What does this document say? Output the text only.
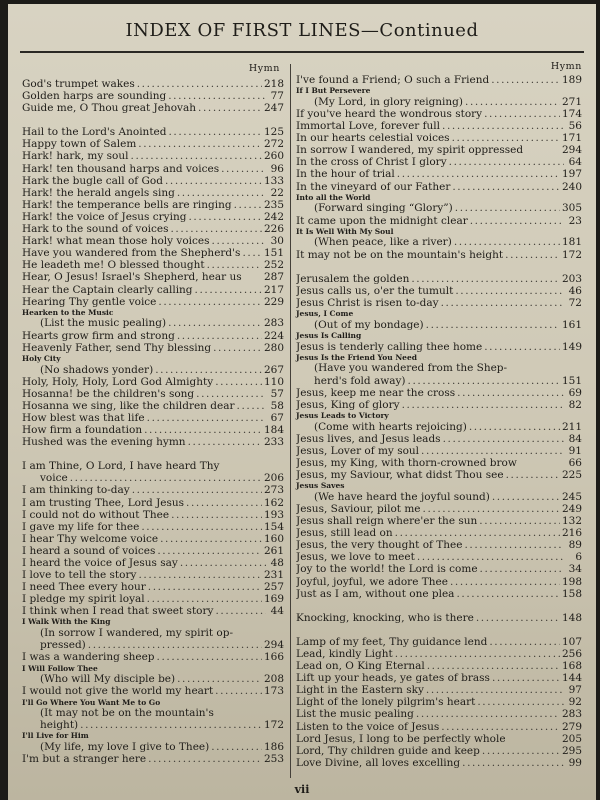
INDEX OF FIRST LINES—Continued
Hymn
God's trumpet wakes .....	218
Golden harps are sounding .....	77
Guide me, O Thou great Jehovah .....	247
Hail to the Lord's Anointed .....	125
Happy town of Salem .....	272
Hark! hark, my soul .....	260
Hark! ten thousand harps and voices .....	96
Hark the bugle call of God .....	133
Hark! the herald angels sing .....	22
Hark! the temperance bells are ringing .....	235
Hark! the voice of Jesus crying .....	242
Hark to the sound of voices .....	226
Hark! what mean those holy voices .....	30
Have you wandered from the Shepherd's ..... 151
He leadeth me! O blessed thought .....	252
Hear, O Jesus! Israel's Shepherd, hear us 287
Hear the Captain clearly calling .....	217
Hearing Thy gentle voice .....	229
Hearken to the Music
(List the music pealing) .....	283
Hearts grow firm and strong .....	224
Heavenly Father, send Thy blessing .....	280
Holy City
(No shadows yonder) .....	267
Holy, Holy, Holy, Lord God Almighty .....	110
Hosanna! be the children's song .....	57
Hosanna we sing, like the children dear .....	58
How blest was that life .....	67
How firm a foundation .....	184
Hushed was the evening hymn .....	233
I am Thine, O Lord, I have heard Thy
voice .....	206
I am thinking to-day .....	273
I am trusting Thee, Lord Jesus .....	162
I could not do without Thee .....	193
I gave my life for thee .....	154
I hear Thy welcome voice .....	160
I heard a sound of voices .....	261
I heard the voice of Jesus say .....	48
I love to tell the story .....	231
I need Thee every hour .....	257
I pledge my spirit loyal .....	169
I think when I read that sweet story .....	44
I Walk With the King
(In sorrow I wandered, my spirit op-
pressed) .....	294
I was a wandering sheep .....	166
I Will Follow Thee
(Who will My disciple be) .....	208
I would not give the world my heart .....	173
I'll Go Where You Want Me to Go
(It may not be on the mountain's
height) .....	172
I'll Live for Him
(My life, my love I give to Thee) .....	186
I'm but a stranger here .....	253
Hymn
I've found a Friend; O such a Friend .....	189
If I But Persevere
(My Lord, in glory reigning) .....	271
If you've heard the wondrous story .....	174
Immortal Love, forever full .....	56
In our hearts celestial voices .....	171
In sorrow I wandered, my spirit oppressed	294
In the cross of Christ I glory .....	64
In the hour of trial .....	197
In the vineyard of our Father .....	240
Into all the World
(Forward singing “Glory”) .....	305
It came upon the midnight clear .....	23
It Is Well With My Soul
(When peace, like a river) .....	181
It may not be on the mountain's height .....	172
Jerusalem the golden .....	203
Jesus calls us, o'er the tumult .....	46
Jesus Christ is risen to-day .....	72
Jesus, I Come
(Out of my bondage) .....	161
Jesus Is Calling
Jesus is tenderly calling thee home .....	149
Jesus Is the Friend You Need
(Have you wandered from the Shep-
herd's fold away) .....	151
Jesus, keep me near the cross .....	69
Jesus, King of glory .....	82
Jesus Leads to Victory
(Come with hearts rejoicing) .....	211
Jesus lives, and Jesus leads .....	84
Jesus, Lover of my soul .....	91
Jesus, my King, with thorn-crowned brow	66
Jesus, my Saviour, what didst Thou see .....	225
Jesus Saves
(We have heard the joyful sound) .....	245
Jesus, Saviour, pilot me .....	249
Jesus shall reign where'er the sun .....	132
Jesus, still lead on .....	216
Jesus, the very thought of Thee .....	89
Jesus, we love to meet .....	6
Joy to the world! the Lord is come .....	34
Joyful, joyful, we adore Thee .....	198
Just as I am, without one plea .....	158
Knocking, knocking, who is there .....	148
Lamp of my feet, Thy guidance lend .....	107
Lead, kindly Light .....	256
Lead on, O King Eternal .....	168
Lift up your heads, ye gates of brass .....	144
Light in the Eastern sky .....	97
Light of the lonely pilgrim's heart .....	92
List the music pealing .....	283
Listen to the voice of Jesus .....	279
Lord Jesus, I long to be perfectly whole	205
Lord, Thy children guide and keep .....	295
Love Divine, all loves excelling .....	99
vii
